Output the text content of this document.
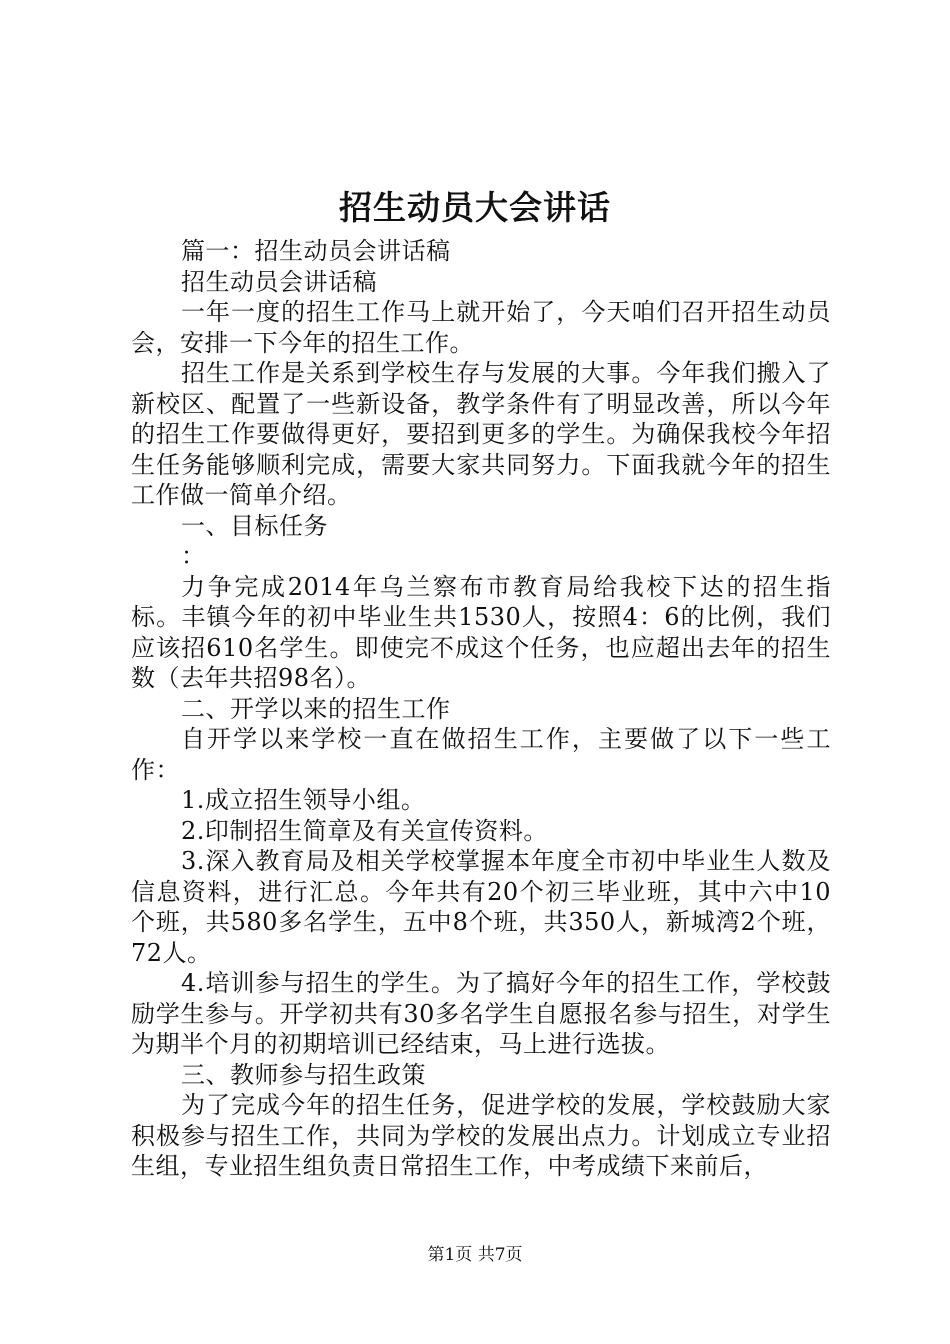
招生动员大会讲话

篇一：招生动员会讲话稿

招生动员会讲话稿

一年一度的招生工作马上就开始了，今天咱们召开招生动员会，安排一下今年的招生工作。

招生工作是关系到学校生存与发展的大事。今年我们搬入了新校区、配置了一些新设备，教学条件有了明显改善，所以今年的招生工作要做得更好，要招到更多的学生。为确保我校今年招生任务能够顺利完成，需要大家共同努力。下面我就今年的招生工作做一简单介绍。

一、目标任务

：

力争完成2014年乌兰察布市教育局给我校下达的招生指标。丰镇今年的初中毕业生共1530人，按照4：6的比例，我们应该招610名学生。即使完不成这个任务，也应超出去年的招生数（去年共招98名）。

二、开学以来的招生工作

自开学以来学校一直在做招生工作，主要做了以下一些工作：

1.成立招生领导小组。

2.印制招生简章及有关宣传资料。

3.深入教育局及相关学校掌握本年度全市初中毕业生人数及信息资料，进行汇总。今年共有20个初三毕业班，其中六中10个班，共580多名学生，五中8个班，共350人，新城湾2个班，72人。

4.培训参与招生的学生。为了搞好今年的招生工作，学校鼓励学生参与。开学初共有30多名学生自愿报名参与招生，对学生为期半个月的初期培训已经结束，马上进行选拔。

三、教师参与招生政策

为了完成今年的招生任务，促进学校的发展，学校鼓励大家积极参与招生工作，共同为学校的发展出点力。计划成立专业招生组，专业招生组负责日常招生工作，中考成绩下来前后，

第1页 共7页
